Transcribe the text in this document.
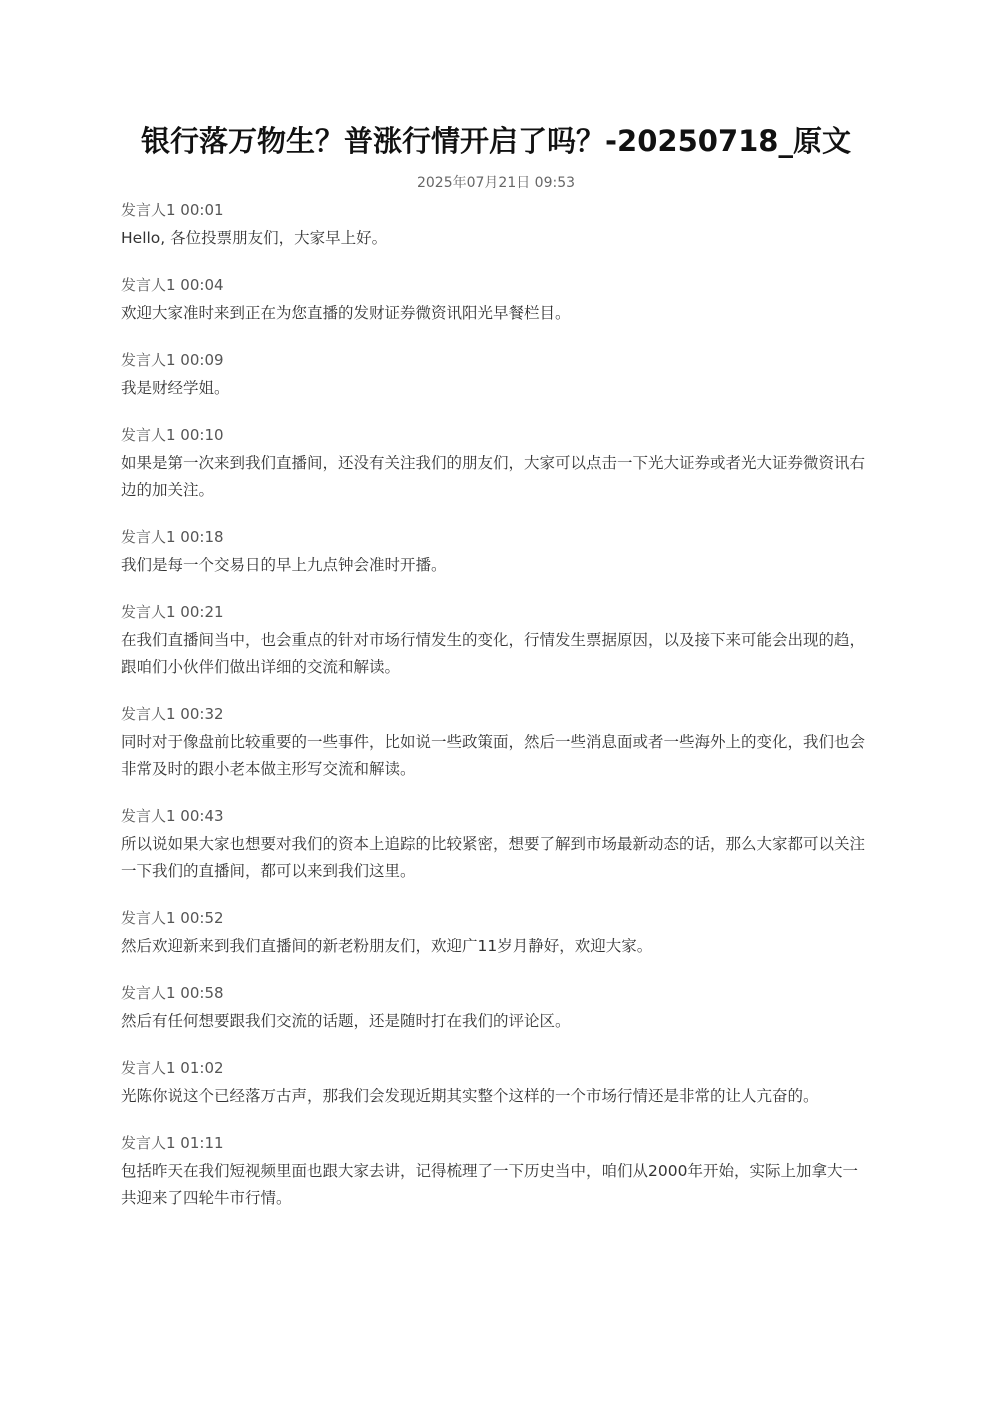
银行落万物生？普涨行情开启了吗？-20250718_原文
2025年07月21日 09:53
发言人1 00:01
Hello, 各位投票朋友们，大家早上好。
发言人1 00:04
欢迎大家准时来到正在为您直播的发财证券微资讯阳光早餐栏目。
发言人1 00:09
我是财经学姐。
发言人1 00:10
如果是第一次来到我们直播间，还没有关注我们的朋友们，大家可以点击一下光大证券或者光大证券微资讯右边的加关注。
发言人1 00:18
我们是每一个交易日的早上九点钟会准时开播。
发言人1 00:21
在我们直播间当中，也会重点的针对市场行情发生的变化，行情发生票据原因，以及接下来可能会出现的趋，跟咱们小伙伴们做出详细的交流和解读。
发言人1 00:32
同时对于像盘前比较重要的一些事件，比如说一些政策面，然后一些消息面或者一些海外上的变化，我们也会非常及时的跟小老本做主形写交流和解读。
发言人1 00:43
所以说如果大家也想要对我们的资本上追踪的比较紧密，想要了解到市场最新动态的话，那么大家都可以关注一下我们的直播间，都可以来到我们这里。
发言人1 00:52
然后欢迎新来到我们直播间的新老粉朋友们，欢迎广11岁月静好，欢迎大家。
发言人1 00:58
然后有任何想要跟我们交流的话题，还是随时打在我们的评论区。
发言人1 01:02
光陈你说这个已经落万古声，那我们会发现近期其实整个这样的一个市场行情还是非常的让人亢奋的。
发言人1 01:11
包括昨天在我们短视频里面也跟大家去讲，记得梳理了一下历史当中，咱们从2000年开始，实际上加拿大一共迎来了四轮牛市行情。
